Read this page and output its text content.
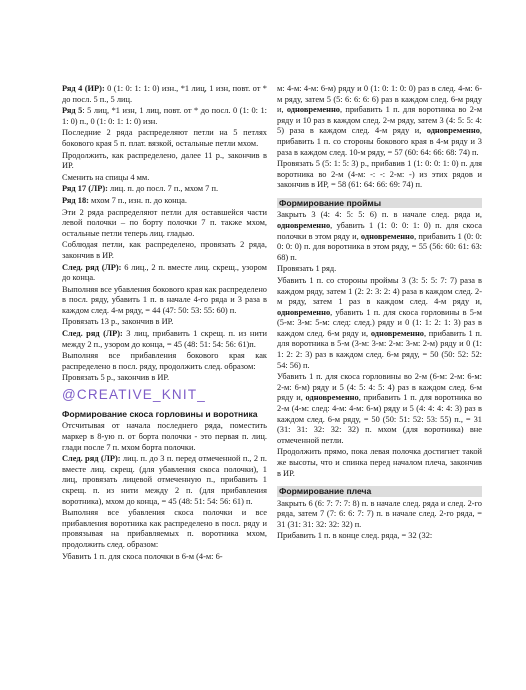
Ряд 4 (ИР): 0 (1: 0: 1: 1: 0) изн., *1 лиц, 1 изн, повт. от * до посл. 5 п., 5 лиц.

Ряд 5: 5 лиц, *1 изн, 1 лиц, повт. от * до посл. 0 (1: 0: 1: 1: 0) п., 0 (1: 0: 1: 1: 0) изн.

Последние 2 ряда распределяют петли на 5 петлях бокового края 5 п. плат. вязкой, остальные петли мхом.

Продолжить, как распределено, далее 11 р., закончив в ИР.

Сменить на спицы 4 мм.

Ряд 17 (ЛР): лиц. п. до посл. 7 п., мхом 7 п.

Ряд 18: мхом 7 п., изн. п. до конца.

Эти 2 ряда распределяют петли для оставшейся части левой полочки – по борту полочки 7 п. также мхом, остальные петли теперь лиц. гладью.

Соблюдая петли, как распределено, провязать 2 ряда, закончив в ИР.

След. ряд (ЛР): 6 лиц., 2 п. вместе лиц. скрещ., узором до конца.

Выполняя все убавления бокового края как распределено в посл. ряду, убавить 1 п. в начале 4-го ряда и 3 раза в каждом след. 4-м ряду, = 44 (47: 50: 53: 55: 60) п.

Провязать 13 р., закончив в ИР.

След. ряд (ЛР): 3 лиц, прибавить 1 скрещ. п. из нити между 2 п., узором до конца, = 45 (48: 51: 54: 56: 61)п.

Выполняя все прибавления бокового края как распределено в посл. ряду, продолжить след. образом:

Провязать 5 р., закончив в ИР.

@CREATIVE_KNIT_
Формирование скоса горловины и воротника

Отсчитывая от начала последнего ряда, поместить маркер в 8-ую п. от борта полочки - это первая п. лиц. глади после 7 п. мхом борта полочки.

След. ряд (ЛР): лиц. п. до 3 п. перед отмеченной п., 2 п. вместе лиц. скрещ. (для убавления скоса полочки), 1 лиц, провязать лицевой отмеченную п., прибавить 1 скрещ. п. из нити между 2 п. (для прибавления воротника), мхом до конца, = 45 (48: 51: 54: 56: 61) п.

Выполняя все убавления скоса полочки и все прибавления воротника как распределено в посл. ряду и провязывая на прибавляемых п. воротника мхом, продолжить след. образом:

Убавить 1 п. для скоса полочки в 6-м (4-м: 6-

м: 4-м: 4-м: 6-м) ряду и 0 (1: 0: 1: 0: 0) раз в след. 4-м: 6-м ряду, затем 5 (5: 6: 6: 6: 6) раз в каждом след. 6-м ряду и, одновременно, прибавить 1 п. для воротника во 2-м ряду и 10 раз в каждом след. 2-м ряду, затем 3 (4: 5: 5: 4: 5) раза в каждом след. 4-м ряду и, одновременно, прибавить 1 п. со стороны бокового края в 4-м ряду и 3 раза в каждом след. 10-м ряду, = 57 (60: 64: 66: 68: 74) п.

Провязать 5 (5: 1: 5: 3) р., прибавив 1 (1: 0: 0: 1: 0) п. для воротника во 2-м (4-м: -: -: 2-м: -) из этих рядов и закончив в ИР, = 58 (61: 64: 66: 69: 74) п.

Формирование проймы

Закрыть 3 (4: 4: 5: 5: 6) п. в начале след. ряда и, одновременно, убавить 1 (1: 0: 0: 1: 0) п. для скоса полочки в этом ряду и, одновременно, прибавить 1 (0: 0: 0: 0: 0) п. для воротника в этом ряду, = 55 (56: 60: 61: 63: 68) п.

Провязать 1 ряд.

Убавить 1 п. со стороны проймы 3 (3: 5: 5: 7: 7) раза в каждом ряду, затем 1 (2: 2: 3: 2: 4) раза в каждом след. 2-м ряду, затем 1 раз в каждом след. 4-м ряду и, одновременно, убавить 1 п. для скоса горловины в 5-м (5-м: 3-м: 5-м: след: след.) ряду и 0 (1: 1: 2: 1: 3) раз в каждом след. 6-м ряду и, одновременно, прибавить 1 п. для воротника в 5-м (3-м: 3-м: 2-м: 3-м: 2-м) ряду и 0 (1: 1: 2: 2: 3) раз в каждом след. 6-м ряду, = 50 (50: 52: 52: 54: 56) п.

Убавить 1 п. для скоса горловины во 2-м (6-м: 2-м: 6-м: 2-м: 6-м) ряду и 5 (4: 5: 4: 5: 4) раз в каждом след. 6-м ряду и, одновременно, прибавить 1 п. для воротника во 2-м (4-м: след: 4-м: 4-м: 6-м) ряду и 5 (4: 4: 4: 4: 3) раз в каждом след. 6-м ряду, = 50 (50: 51: 52: 53: 55) п., = 31 (31: 31: 32: 32: 32) п. мхом (для воротника) вне отмеченной петли.

Продолжить прямо, пока левая полочка достигнет такой же высоты, что и спинка перед началом плеча, закончив в ИР.

Формирование плеча

Закрыть 6 (6: 7: 7: 7: 8) п. в начале след. ряда и след. 2-го ряда, затем 7 (7: 6: 6: 7: 7) п. в начале след. 2-го ряда, = 31 (31: 31: 32: 32: 32) п.

Прибавить 1 п. в конце след. ряда, = 32 (32:
